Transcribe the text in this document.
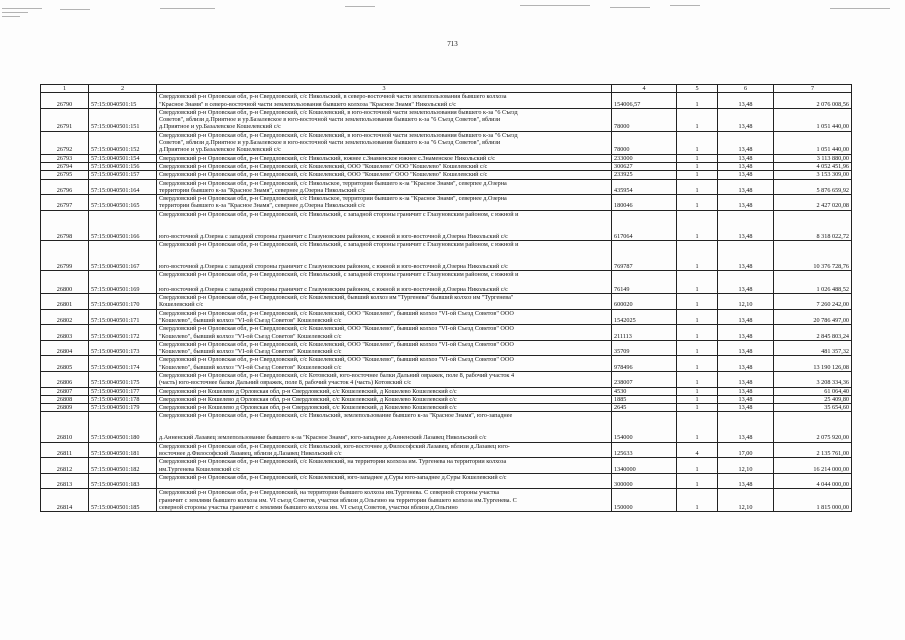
713
1	2	3	4	5	6	7
26790	57:15:0040501:15	Свердловский р-н Орловская обл, р-н Свердловский, с/с Никольский, в северо-восточной части землепользования бывшего колхоза
"Красное Знамя" в северо-восточной части землепользования бывшего колхоза "Красное Знамя" Никольский с/с	154006,57	1	13,48	2 076 008,56
26791	57:15:0040501:151	Свердловский р-н Орловская обл, р-н Свердловский, с/с Кошелевский, в юго-восточной части землепользования бывшего к-за "6 Съезд
Советов", вблизи д.Приятное и ур.Базалевское в юго-восточной части землепользования бывшего к-за "6 Съезд Советов", вблизи
д.Приятное и ур.Базалевское Кошелевский с/с	78000	1	13,48	1 051 440,00
26792	57:15:0040501:152	Свердловский р-н Орловская обл, р-н Свердловский, с/с Кошелевский, в юго-восточной части землепользования бывшего к-за "6 Съезд
Советов", вблизи д.Приятное и ур.Базалевское в юго-восточной части землепользования бывшего к-за "6 Съезд Советов", вблизи
д.Приятное и ур.Базалевское Кошелевский с/с	78000	1	13,48	1 051 440,00
26793	57:15:0040501:154	Свердловский р-н Орловская обл, р-н Свердловский, с/с Никольский, южнее с.Знаменское южнее с.Знаменское Никольский с/с	233000	1	13,48	3 113 880,00
26794	57:15:0040501:156	Свердловский р-н Орловская обл, р-н Свердловский, с/с Кошелевский, ООО "Кошелево" ООО "Кошелево" Кошелевский с/с	300627	1	13,48	4 052 451,96
26795	57:15:0040501:157	Свердловский р-н Орловская обл, р-н Свердловский, с/с Кошелевский, ООО "Кошелево" ООО "Кошелево" Кошелевский с/с	233925	1	13,48	3 153 309,00
26796	57:15:0040501:164	Свердловский р-н Орловская обл, р-н Свердловский, с/с Никольское, территории бывшего к-за "Красное Знамя", северпее д.Озерна
территории бывшего к-за "Красное Знамя", севернее д.Озерна Никольский с/с	435954	1	13,48	5 876 659,92
26797	57:15:0040501:165	Свердловский р-н Орловская обл, р-н Свердловский, с/с Никольское, территории бывшего к-за "Красное Знамя", севернее д.Озерна
территории бывшего к-за "Красное Знамя", севернее д.Озерна Никольский с/с	180046	1	13,48	2 427 020,08
26798	57:15:0040501:166	Свердловский р-н Орловская обл, р-н Свердловский, с/с Никольский, с западной стороны граничит с Глазуновским районом, с южной и
юго-восточной д.Озерна с западной стороны граничит с Глазуновским районом, с южной и юго-восточной д.Озерна Никольский с/с	617064	1	13,48	8 318 022,72
26799	57:15:0040501:167	Свердловский р-н Орловская обл, р-н Свердловский, с/с Никольский, с западной стороны граничит с Глазуновским районом, с южной и
юго-восточной д.Озерна с западной стороны граничит с Глазуновским районом, с южной и юго-восточной д.Озерна Никольский с/с	769787	1	13,48	10 376 728,76
26800	57:15:0040501:169	Свердловский р-н Орловская обл, р-н Свердловский, с/с Никольский, с западной стороны граничит с Глазуновским районом, с южной и
юго-восточной д.Озерна с западной стороны граничит с Глазуновским районом, с южной и юго-восточной д.Озерна Никольский с/с	76149	1	13,48	1 026 488,52
26801	57:15:0040501:170	Свердловский р-н Орловская обл, р-н Свердловский, с/с Кошелевский, бывший колхоз им "Тургенева" бывший колхоз им "Тургенева"
Кошелевский с/с	600020	1	12,10	7 260 242,00
26802	57:15:0040501:171	Свердловский р-н Орловская обл, р-н Свердловский, с/с Кошелевский, ООО "Кошелево", бывший колхоз "VI-ой Съезд Советов" ООО
"Кошелево", бывший колхоз "VI-ой Съезд Советов" Кошелевский с/с	1542025	1	13,48	20 786 497,00
26803	57:15:0040501:172	Свердловский р-н Орловская обл, р-н Свердловский, с/с Кошелевский, ООО "Кошелево", бывший колхоз "VI-ой Съезд Советов" ООО
"Кошелево", бывший колхоз "VI-ой Съезд Советов" Кошелевский с/с	211113	1	13,48	2 845 803,24
26804	57:15:0040501:173	Свердловский р-н Орловская обл, р-н Свердловский, с/с Кошелевский, ООО "Кошелево", бывший колхоз "VI-ой Съезд Советов" ООО
"Кошелево", бывший колхоз "VI-ой Съезд Советов" Кошелевский с/с	35709	1	13,48	481 357,32
26805	57:15:0040501:174	Свердловский р-н Орловская обл, р-н Свердловский, с/с Кошелевский, ООО "Кошелево", бывший колхоз "VI-ой Съезд Советов" ООО
"Кошелево", бывший колхоз "VI-ой Съезд Советов" Кошелевский с/с	978496	1	13,48	13 190 126,08
26806	57:15:0040501:175	Свердловский р-н Орловская обл, р-н Свердловский, с/с Котовский, юго-восточнее балки Дальний овражек, поле 8, рабочий участок 4
(часть) юго-восточнее балки Дальний овражек, поле 8, рабочий участок 4 (часть) Котовский с/с	238007	1	13,48	3 208 334,36
26807	57:15:0040501:177	Свердловский р-н Кошелево д Орловская обл, р-н Свердловский, с/с Кошелевский, д Кошелево Кошелевский с/с	4530	1	13,48	61 064,40
26808	57:15:0040501:178	Свердловский р-н Кошелево д Орловская обл, р-н Свердловский, с/с Кошелевский, д Кошелево Кошелевский с/с	1885	1	13,48	25 409,80
26809	57:15:0040501:179	Свердловский р-н Кошелево д Орловская обл, р-н Свердловский, с/с Кошелевский, д Кошелево Кошелевский с/с	2645	1	13,48	35 654,60
26810	57:15:0040501:180	Свердловский р-н Орловская обл, р-н Свердловский, с/с Никольский, землепользование бывшего к-за "Красное Знамя", юго-западнее
д.Анненский Лазавец землепользование бывшего к-за "Красное Знамя", юго-западнее д.Анненский Лазавец Никольский с/с	154000	1	13,48	2 075 920,00
26811	57:15:0040501:181	Свердловский р-н Орловская обл, р-н Свердловский, с/с Никольский, юго-восточнее д.Философский Лазавец, вблизи д.Лазавец юго-
восточнее д.Философский Лазавец, вблизи д.Лазавец Никольский с/с	125633	4	17,00	2 135 761,00
26812	57:15:0040501:182	Свердловский р-н Орловская обл, р-н Свердловский, с/с Кошелевский, на территории колхоза им. Тургенева на территории колхоза
им.Тургенева Кошелевский с/с	1340000	1	12,10	16 214 000,00
26813	57:15:0040501:183	Свердловский р-н Орловская обл, р-н Свердловский, с/с Кошелевский, юго-западнее д.Суры юго-западнее д.Суры Кошелевский с/с	300000	1	13,48	4 044 000,00
26814	57:15:0040501:185	Свердловский р-н Орловская обл, р-н Свердловский, на территории бывшего колхоза им.Тургенева. С северной стороны участка
граничит с землями бывшего колхоза им. VI съезд Советов, участки вблизи д.Ольгино на территории бывшего колхоза им.Тургенева. С
северной стороны участка граничит с землями бывшего колхоза им. VI съезд Советов, участки вблизи д.Ольгино	150000	1	12,10	1 815 000,00
